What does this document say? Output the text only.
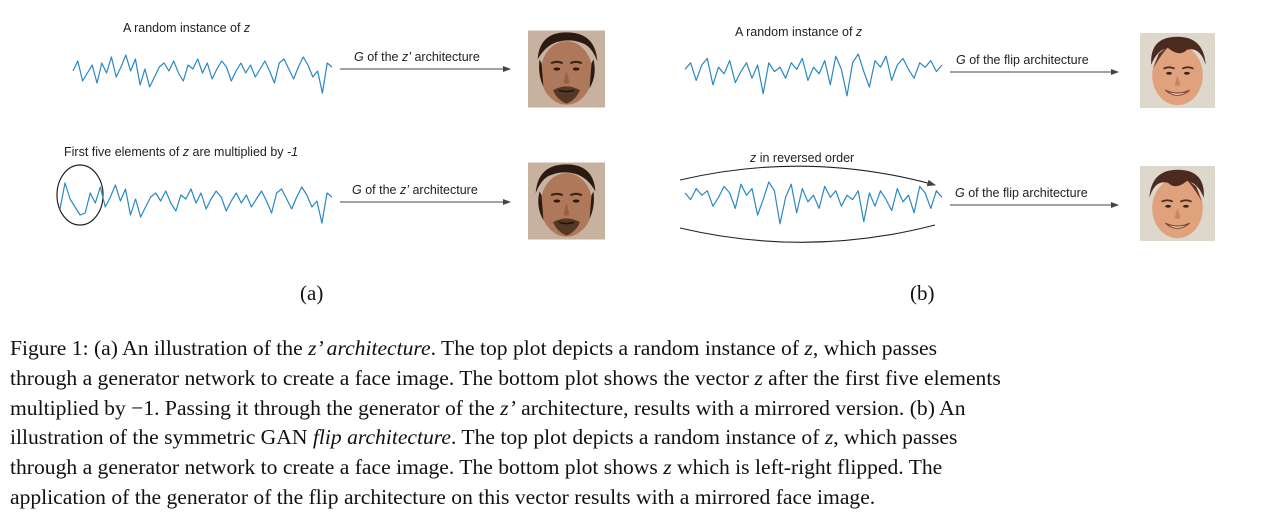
A random instance of z
G of the z’ architecture
First five elements of z are multiplied by -1
G of the z’ architecture
(a)
A random instance of z
G of the flip architecture
z in reversed order
G of the flip architecture
(b)

Figure 1: (a) An illustration of the z’ architecture. The top plot depicts a random instance of z, which passes
through a generator network to create a face image. The bottom plot shows the vector z after the first five elements
multiplied by −1. Passing it through the generator of the z’ architecture, results with a mirrored version. (b) An
illustration of the symmetric GAN flip architecture. The top plot depicts a random instance of z, which passes
through a generator network to create a face image. The bottom plot shows z which is left-right flipped. The
application of the generator of the flip architecture on this vector results with a mirrored face image.
